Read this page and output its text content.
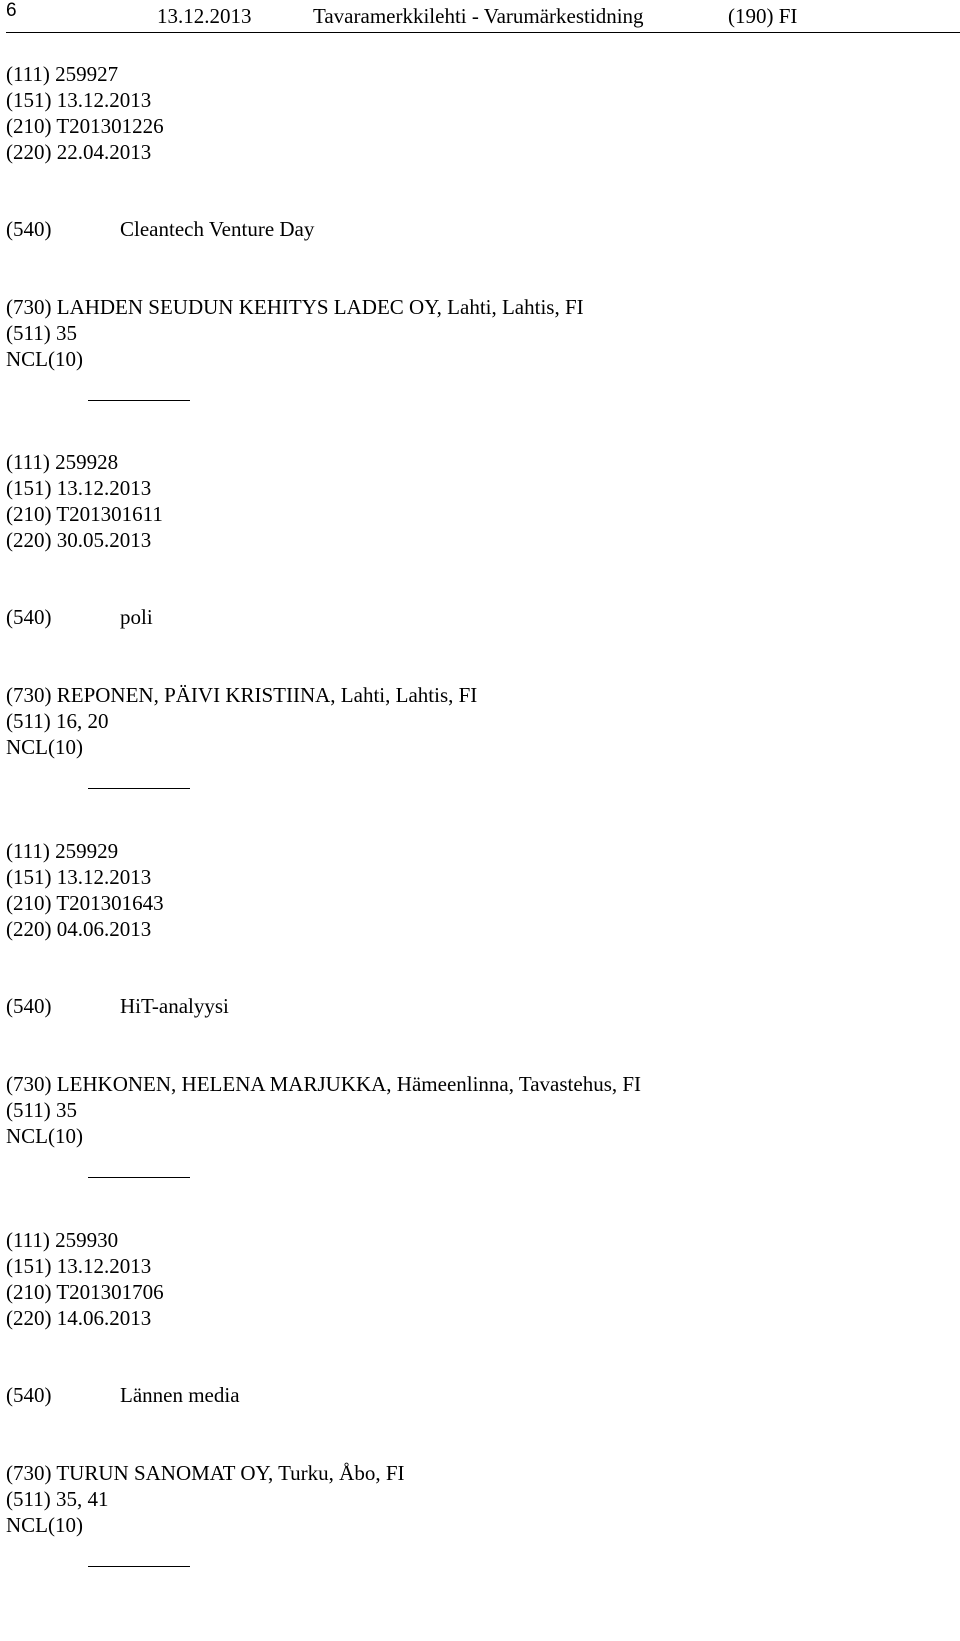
6	13.12.2013	Tavaramerkkilehti - Varumärkestidning	(190) FI
(111) 259927
(151) 13.12.2013
(210) T201301226
(220) 22.04.2013
(540)	Cleantech Venture Day
(730) LAHDEN SEUDUN KEHITYS LADEC OY, Lahti, Lahtis, FI
(511) 35
NCL(10)
(111) 259928
(151) 13.12.2013
(210) T201301611
(220) 30.05.2013
(540)	poli
(730) REPONEN, PÄIVI KRISTIINA, Lahti, Lahtis, FI
(511) 16, 20
NCL(10)
(111) 259929
(151) 13.12.2013
(210) T201301643
(220) 04.06.2013
(540)	HiT-analyysi
(730) LEHKONEN, HELENA MARJUKKA, Hämeenlinna, Tavastehus, FI
(511) 35
NCL(10)
(111) 259930
(151) 13.12.2013
(210) T201301706
(220) 14.06.2013
(540)	Lännen media
(730) TURUN SANOMAT OY, Turku, Åbo, FI
(511) 35, 41
NCL(10)
